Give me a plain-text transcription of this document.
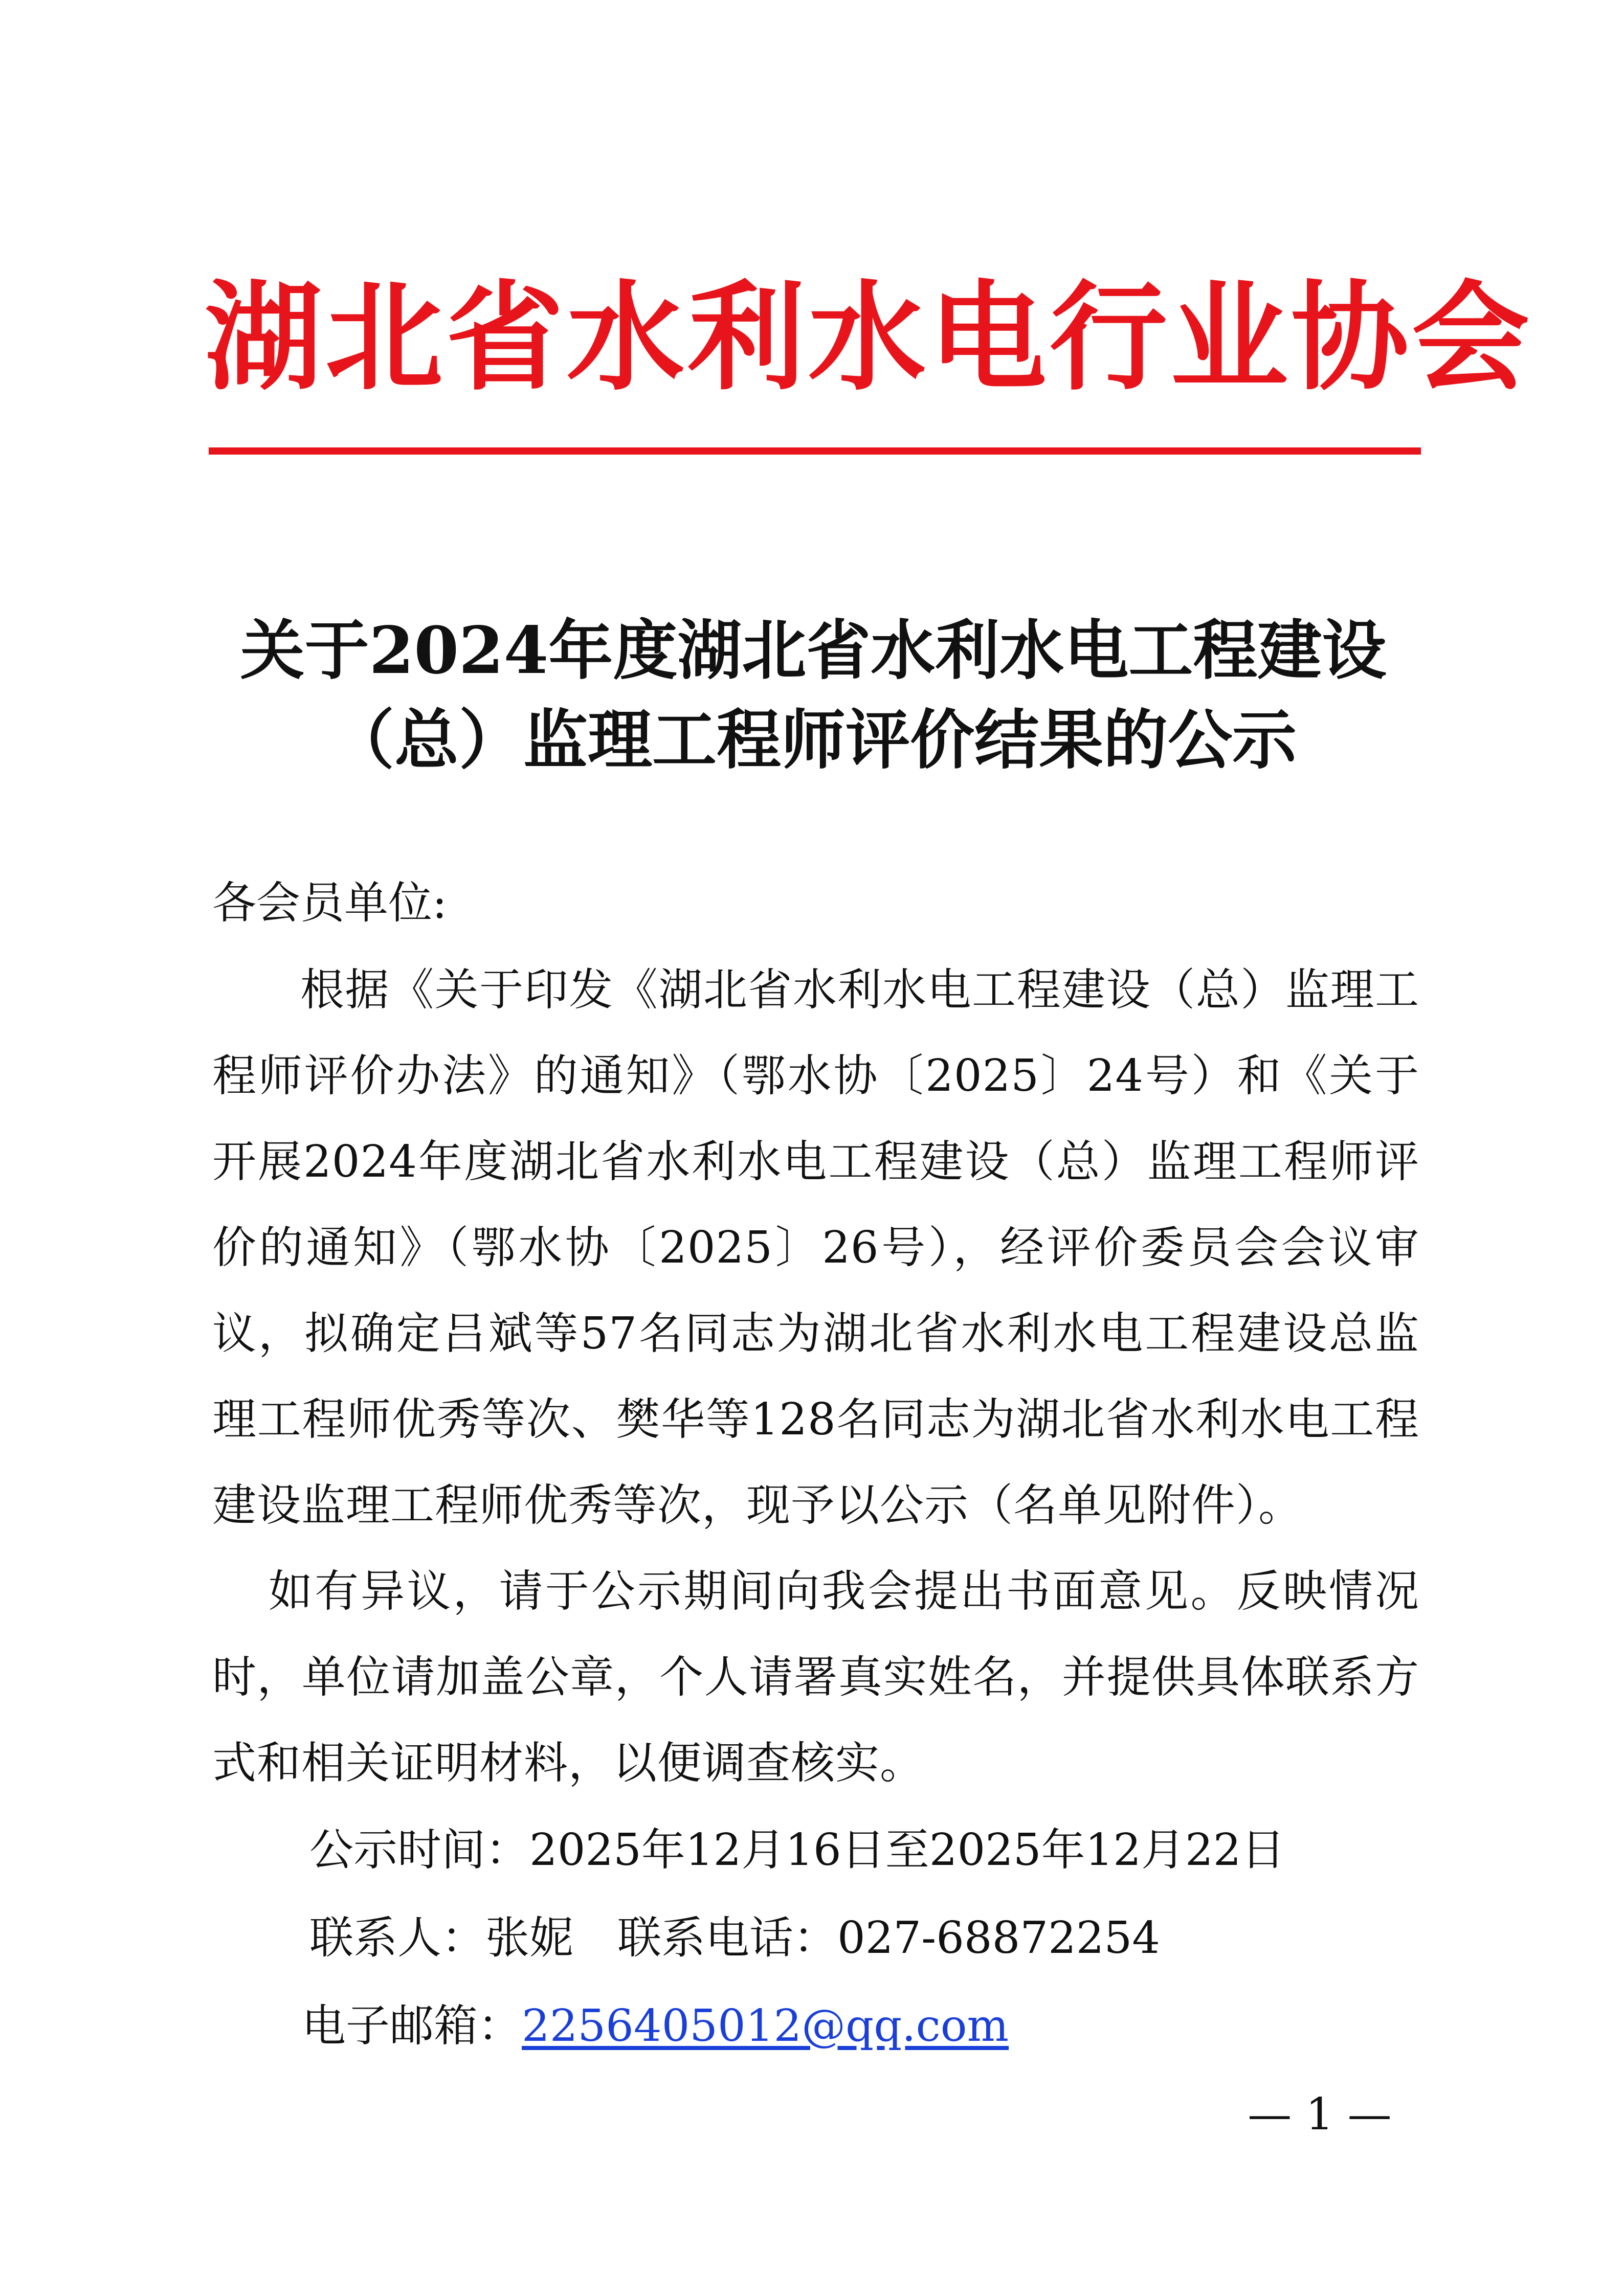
湖北省水利水电行业协会
关于2024年度湖北省水利水电工程建设
（总）监理工程师评价结果的公示

各会员单位:

根据《关于印发《湖北省水利水电工程建设（总）监理工程师评价办法》的通知》（鄂水协〔2025〕24号）和《关于开展2024年度湖北省水利水电工程建设（总）监理工程师评价的通知》（鄂水协〔2025〕26号），经评价委员会会议审议，拟确定吕斌等57名同志为湖北省水利水电工程建设总监理工程师优秀等次、樊华等128名同志为湖北省水利水电工程建设监理工程师优秀等次，现予以公示（名单见附件）。

如有异议，请于公示期间向我会提出书面意见。反映情况时，单位请加盖公章，个人请署真实姓名，并提供具体联系方式和相关证明材料，以便调查核实。

公示时间：2025年12月16日至2025年12月22日

联系人：张妮　联系电话：027-68872254

电子邮箱：2256405012@qq.com

— 1 —
